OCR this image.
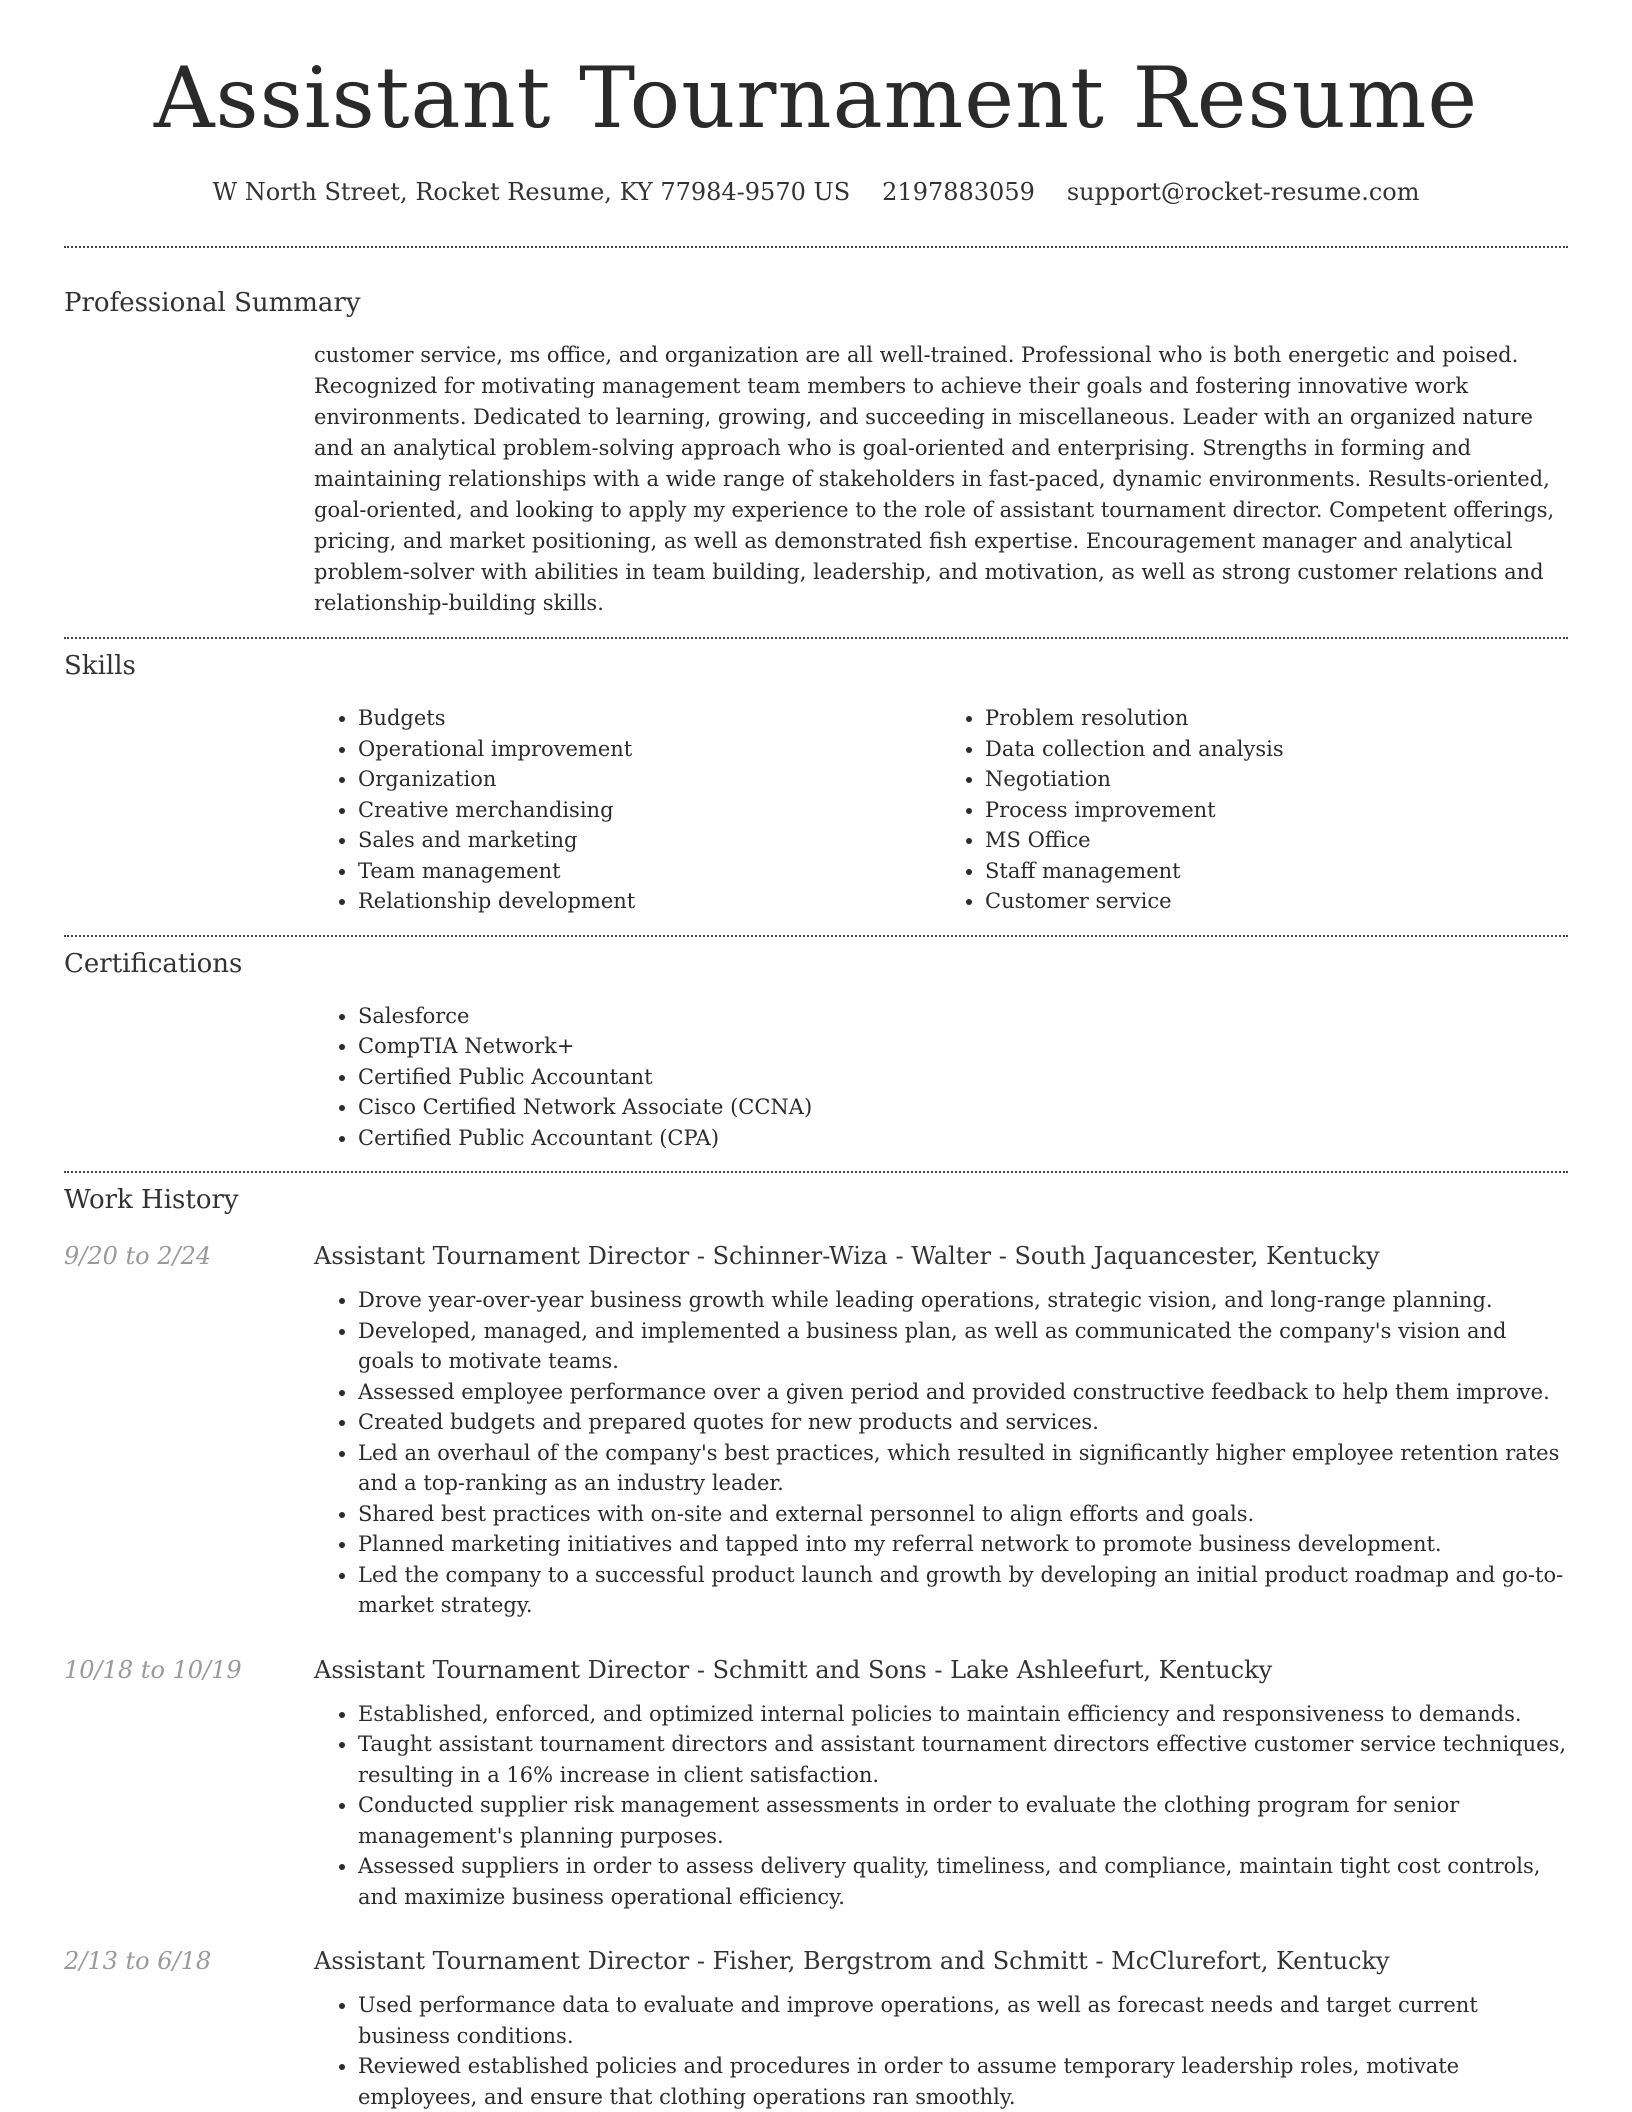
Assistant Tournament Resume
W North Street, Rocket Resume, KY 77984-9570 US 2197883059 support@rocket-resume.com
Professional Summary

customer service, ms office, and organization are all well-trained. Professional who is both energetic and poised. Recognized for motivating management team members to achieve their goals and fostering innovative work environments. Dedicated to learning, growing, and succeeding in miscellaneous. Leader with an organized nature and an analytical problem-solving approach who is goal-oriented and enterprising. Strengths in forming and maintaining relationships with a wide range of stakeholders in fast-paced, dynamic environments. Results-oriented, goal-oriented, and looking to apply my experience to the role of assistant tournament director. Competent offerings, pricing, and market positioning, as well as demonstrated fish expertise. Encouragement manager and analytical problem-solver with abilities in team building, leadership, and motivation, as well as strong customer relations and relationship-building skills.

Skills
• Budgets
• Operational improvement
• Organization
• Creative merchandising
• Sales and marketing
• Team management
• Relationship development
• Problem resolution
• Data collection and analysis
• Negotiation
• Process improvement
• MS Office
• Staff management
• Customer service
Certifications
• Salesforce
• CompTIA Network+
• Certified Public Accountant
• Cisco Certified Network Associate (CCNA)
• Certified Public Accountant (CPA)
Work History
9/20 to 2/24	Assistant Tournament Director - Schinner-Wiza - Walter - South Jaquancester, Kentucky
• Drove year-over-year business growth while leading operations, strategic vision, and long-range planning.
• Developed, managed, and implemented a business plan, as well as communicated the company's vision and goals to motivate teams.
• Assessed employee performance over a given period and provided constructive feedback to help them improve.
• Created budgets and prepared quotes for new products and services.
• Led an overhaul of the company's best practices, which resulted in significantly higher employee retention rates and a top-ranking as an industry leader.
• Shared best practices with on-site and external personnel to align efforts and goals.
• Planned marketing initiatives and tapped into my referral network to promote business development.
• Led the company to a successful product launch and growth by developing an initial product roadmap and go-to-market strategy.
10/18 to 10/19	Assistant Tournament Director - Schmitt and Sons - Lake Ashleefurt, Kentucky
• Established, enforced, and optimized internal policies to maintain efficiency and responsiveness to demands.
• Taught assistant tournament directors and assistant tournament directors effective customer service techniques, resulting in a 16% increase in client satisfaction.
• Conducted supplier risk management assessments in order to evaluate the clothing program for senior management's planning purposes.
• Assessed suppliers in order to assess delivery quality, timeliness, and compliance, maintain tight cost controls, and maximize business operational efficiency.
2/13 to 6/18	Assistant Tournament Director - Fisher, Bergstrom and Schmitt - McClurefort, Kentucky
• Used performance data to evaluate and improve operations, as well as forecast needs and target current business conditions.
• Reviewed established policies and procedures in order to assume temporary leadership roles, motivate employees, and ensure that clothing operations ran smoothly.
